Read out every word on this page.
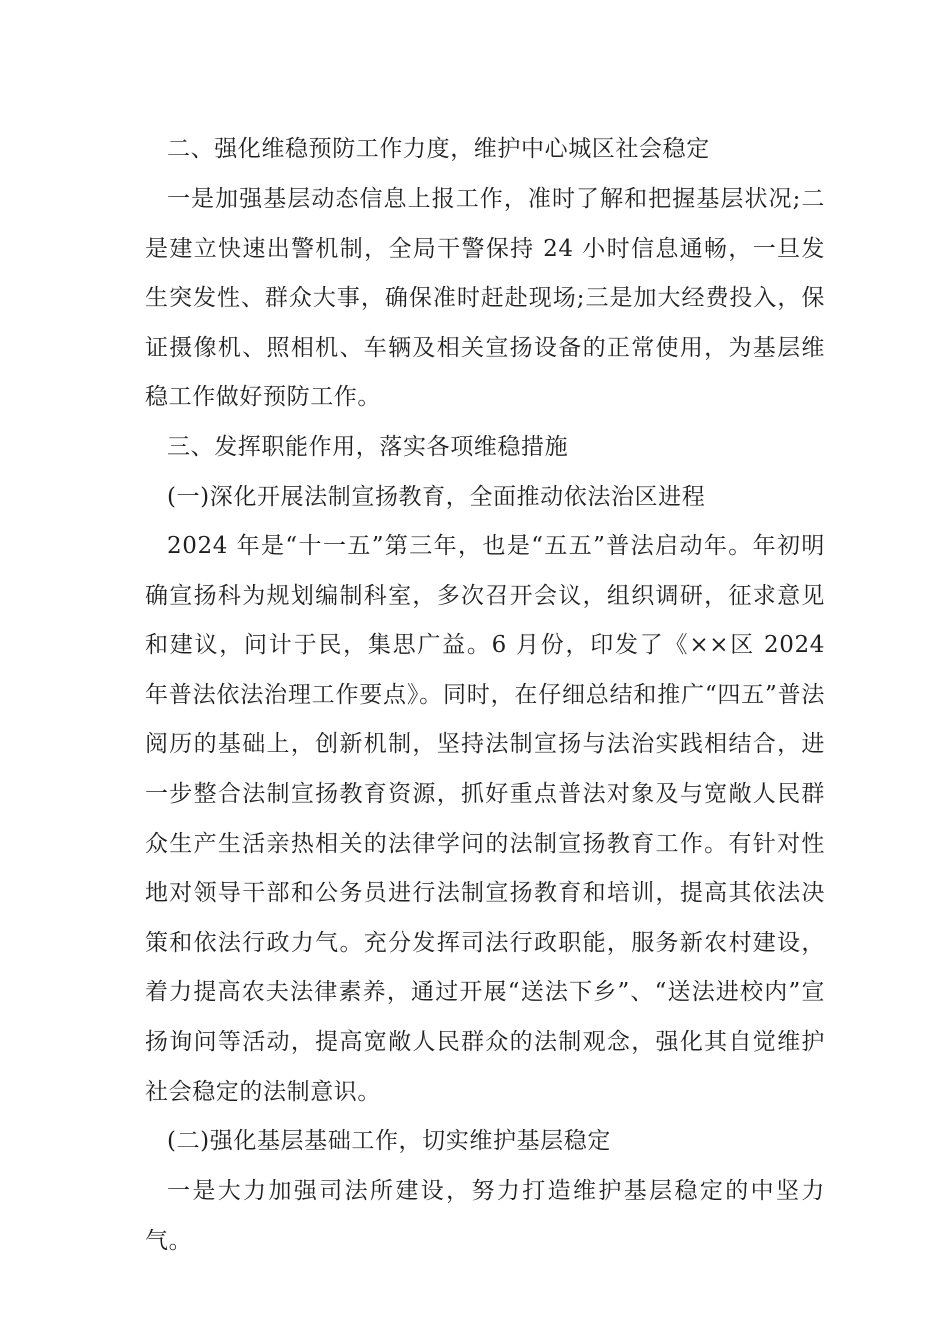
二、强化维稳预防工作力度，维护中心城区社会稳定

一是加强基层动态信息上报工作，准时了解和把握基层状况;二是建立快速出警机制，全局干警保持 24 小时信息通畅，一旦发生突发性、群众大事，确保准时赶赴现场;三是加大经费投入，保证摄像机、照相机、车辆及相关宣扬设备的正常使用，为基层维稳工作做好预防工作。

三、发挥职能作用，落实各项维稳措施

(一)深化开展法制宣扬教育，全面推动依法治区进程

2024 年是“十一五”第三年，也是“五五”普法启动年。年初明确宣扬科为规划编制科室，多次召开会议，组织调研，征求意见和建议，问计于民，集思广益。6 月份，印发了《××区 2024 年普法依法治理工作要点》。同时，在仔细总结和推广“四五”普法阅历的基础上，创新机制，坚持法制宣扬与法治实践相结合，进一步整合法制宣扬教育资源，抓好重点普法对象及与宽敞人民群众生产生活亲热相关的法律学问的法制宣扬教育工作。有针对性地对领导干部和公务员进行法制宣扬教育和培训，提高其依法决策和依法行政力气。充分发挥司法行政职能，服务新农村建设，着力提高农夫法律素养，通过开展“送法下乡”、“送法进校内”宣扬询问等活动，提高宽敞人民群众的法制观念，强化其自觉维护社会稳定的法制意识。

(二)强化基层基础工作，切实维护基层稳定

一是大力加强司法所建设，努力打造维护基层稳定的中坚力气。
